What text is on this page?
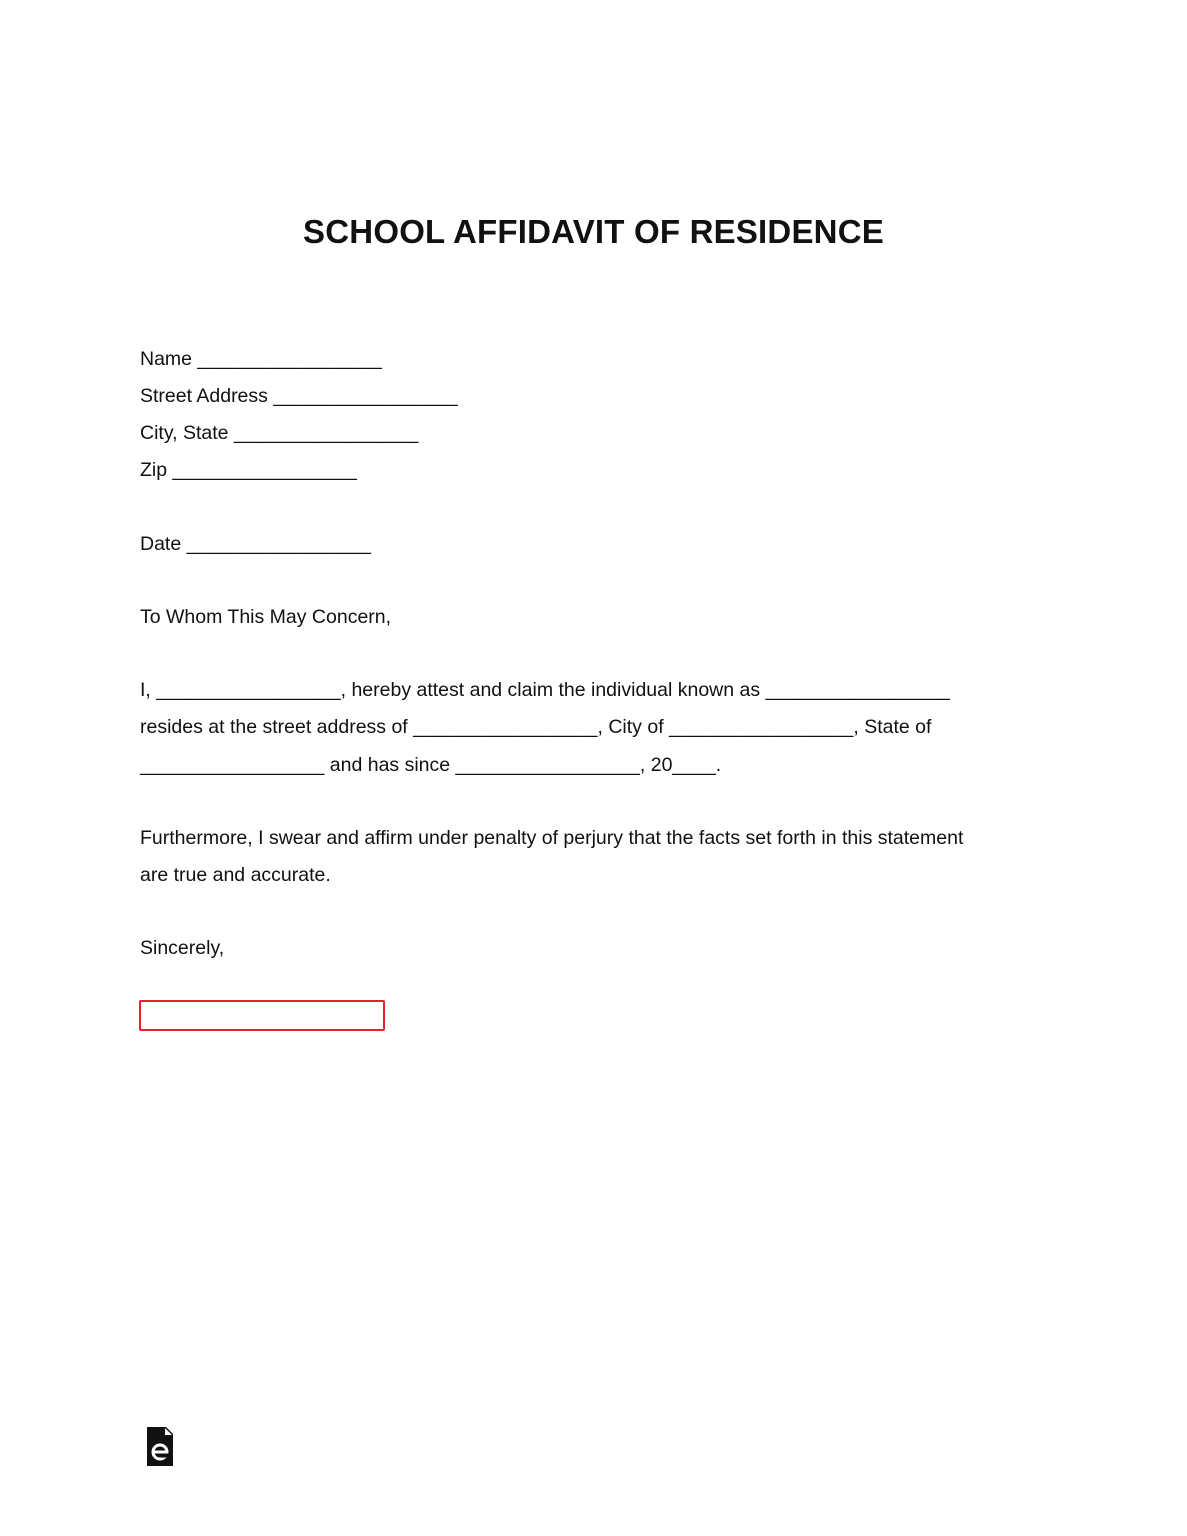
SCHOOL AFFIDAVIT OF RESIDENCE
Name _________________
Street Address _________________
City, State _________________
Zip _________________
Date _________________
To Whom This May Concern,
I, _________________, hereby attest and claim the individual known as _________________
resides at the street address of _________________, City of _________________, State of
_________________ and has since _________________, 20____.
Furthermore, I swear and affirm under penalty of perjury that the facts set forth in this statement
are true and accurate.
Sincerely,
